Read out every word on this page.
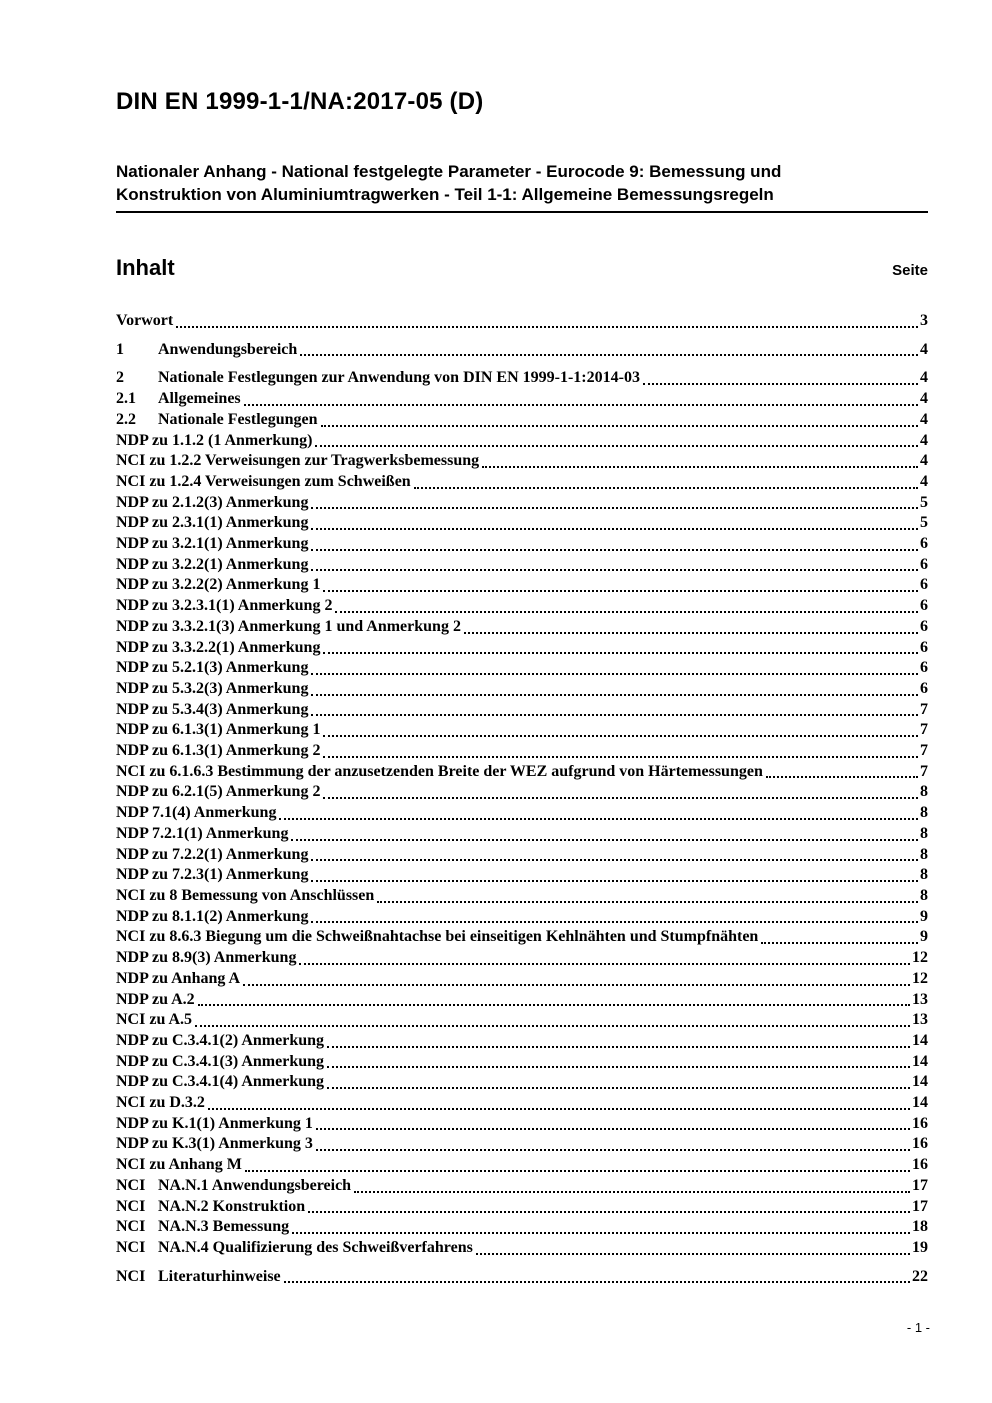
DIN EN 1999-1-1/NA:2017-05 (D)
Nationaler Anhang - National festgelegte Parameter - Eurocode 9: Bemessung und
Konstruktion von Aluminiumtragwerken - Teil 1-1: Allgemeine Bemessungsregeln
Inhalt	Seite
Vorwort	3
1	Anwendungsbereich	4
2	Nationale Festlegungen zur Anwendung von DIN EN 1999-1-1:2014-03	4
2.1	Allgemeines	4
2.2	Nationale Festlegungen	4
NDP zu 1.1.2 (1 Anmerkung)	4
NCI zu 1.2.2 Verweisungen zur Tragwerksbemessung	4
NCI zu 1.2.4 Verweisungen zum Schweißen	4
NDP zu 2.1.2(3) Anmerkung	5
NDP zu 2.3.1(1) Anmerkung	5
NDP zu 3.2.1(1) Anmerkung	6
NDP zu 3.2.2(1) Anmerkung	6
NDP zu 3.2.2(2) Anmerkung 1	6
NDP zu 3.2.3.1(1) Anmerkung 2	6
NDP zu 3.3.2.1(3) Anmerkung 1 und Anmerkung 2	6
NDP zu 3.3.2.2(1) Anmerkung	6
NDP zu 5.2.1(3) Anmerkung	6
NDP zu 5.3.2(3) Anmerkung	6
NDP zu 5.3.4(3) Anmerkung	7
NDP zu 6.1.3(1) Anmerkung 1	7
NDP zu 6.1.3(1) Anmerkung 2	7
NCI zu 6.1.6.3 Bestimmung der anzusetzenden Breite der WEZ aufgrund von Härtemessungen	7
NDP zu 6.2.1(5) Anmerkung 2	8
NDP 7.1(4) Anmerkung	8
NDP 7.2.1(1) Anmerkung	8
NDP zu 7.2.2(1) Anmerkung	8
NDP zu 7.2.3(1) Anmerkung	8
NCI zu 8 Bemessung von Anschlüssen	8
NDP zu 8.1.1(2) Anmerkung	9
NCI zu 8.6.3 Biegung um die Schweißnahtachse bei einseitigen Kehlnähten und Stumpfnähten	9
NDP zu 8.9(3) Anmerkung	12
NDP zu Anhang A	12
NDP zu A.2	13
NCI zu A.5	13
NDP zu C.3.4.1(2) Anmerkung	14
NDP zu C.3.4.1(3) Anmerkung	14
NDP zu C.3.4.1(4) Anmerkung	14
NCI zu D.3.2	14
NDP zu K.1(1) Anmerkung 1	16
NDP zu K.3(1) Anmerkung 3	16
NCI zu Anhang M	16
NCI NA.N.1 Anwendungsbereich	17
NCI NA.N.2 Konstruktion	17
NCI NA.N.3 Bemessung	18
NCI NA.N.4 Qualifizierung des Schweißverfahrens	19
NCI Literaturhinweise	22
- 1 -
